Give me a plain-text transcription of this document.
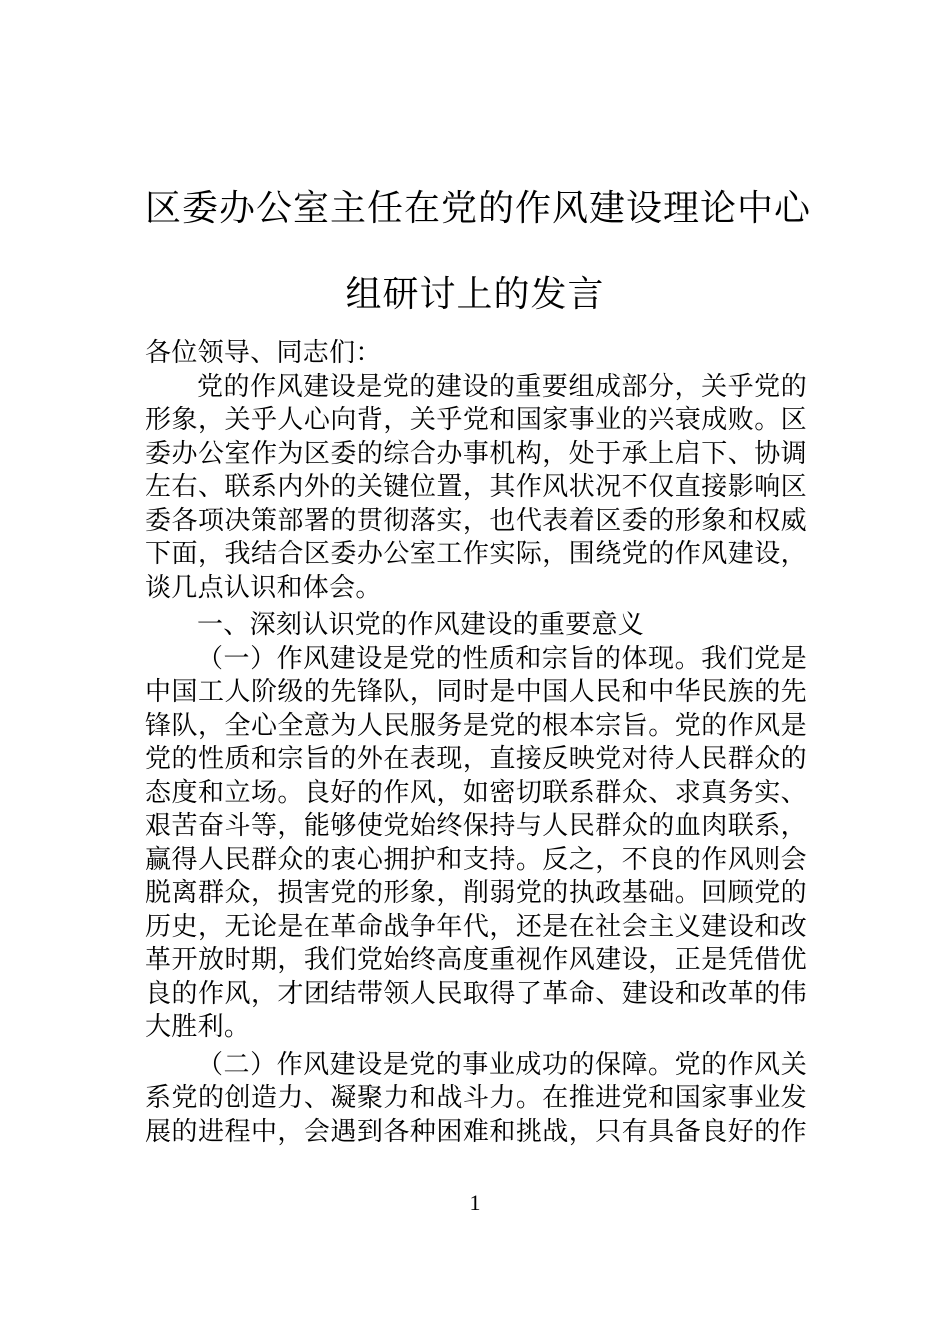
区委办公室主任在党的作风建设理论中心
组研讨上的发言
各位领导、同志们：
党的作风建设是党的建设的重要组成部分，关乎党的
形象，关乎人心向背，关乎党和国家事业的兴衰成败。区
委办公室作为区委的综合办事机构，处于承上启下、协调
左右、联系内外的关键位置，其作风状况不仅直接影响区
委各项决策部署的贯彻落实，也代表着区委的形象和权威
下面，我结合区委办公室工作实际，围绕党的作风建设，
谈几点认识和体会。
一、深刻认识党的作风建设的重要意义
（一）作风建设是党的性质和宗旨的体现。我们党是
中国工人阶级的先锋队，同时是中国人民和中华民族的先
锋队，全心全意为人民服务是党的根本宗旨。党的作风是
党的性质和宗旨的外在表现，直接反映党对待人民群众的
态度和立场。良好的作风，如密切联系群众、求真务实、
艰苦奋斗等，能够使党始终保持与人民群众的血肉联系，
赢得人民群众的衷心拥护和支持。反之，不良的作风则会
脱离群众，损害党的形象，削弱党的执政基础。回顾党的
历史，无论是在革命战争年代，还是在社会主义建设和改
革开放时期，我们党始终高度重视作风建设，正是凭借优
良的作风，才团结带领人民取得了革命、建设和改革的伟
大胜利。
（二）作风建设是党的事业成功的保障。党的作风关
系党的创造力、凝聚力和战斗力。在推进党和国家事业发
展的进程中，会遇到各种困难和挑战，只有具备良好的作
1
